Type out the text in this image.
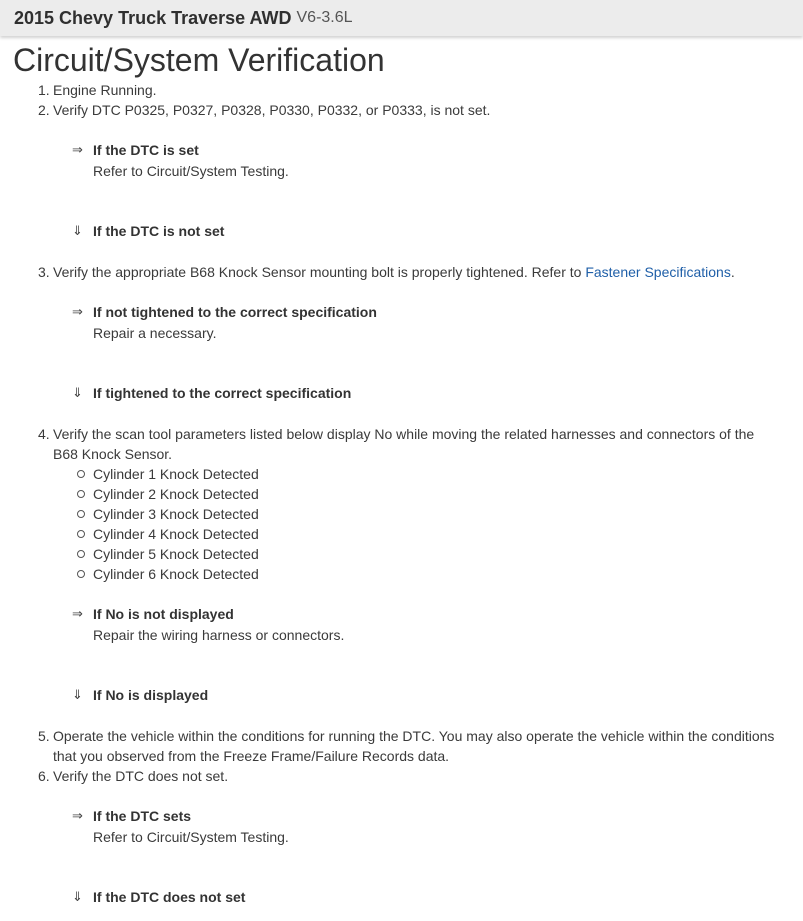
2015 Chevy Truck Traverse AWD V6-3.6L
Circuit/System Verification
1. Engine Running.
2. Verify DTC P0325, P0327, P0328, P0330, P0332, or P0333, is not set.
⇒ If the DTC is set
Refer to Circuit/System Testing.
⇓ If the DTC is not set
3. Verify the appropriate B68 Knock Sensor mounting bolt is properly tightened. Refer to Fastener Specifications.
⇒ If not tightened to the correct specification
Repair a necessary.
⇓ If tightened to the correct specification
4. Verify the scan tool parameters listed below display No while moving the related harnesses and connectors of the
B68 Knock Sensor.
Cylinder 1 Knock Detected
Cylinder 2 Knock Detected
Cylinder 3 Knock Detected
Cylinder 4 Knock Detected
Cylinder 5 Knock Detected
Cylinder 6 Knock Detected
⇒ If No is not displayed
Repair the wiring harness or connectors.
⇓ If No is displayed
5. Operate the vehicle within the conditions for running the DTC. You may also operate the vehicle within the conditions
that you observed from the Freeze Frame/Failure Records data.
6. Verify the DTC does not set.
⇒ If the DTC sets
Refer to Circuit/System Testing.
⇓ If the DTC does not set
